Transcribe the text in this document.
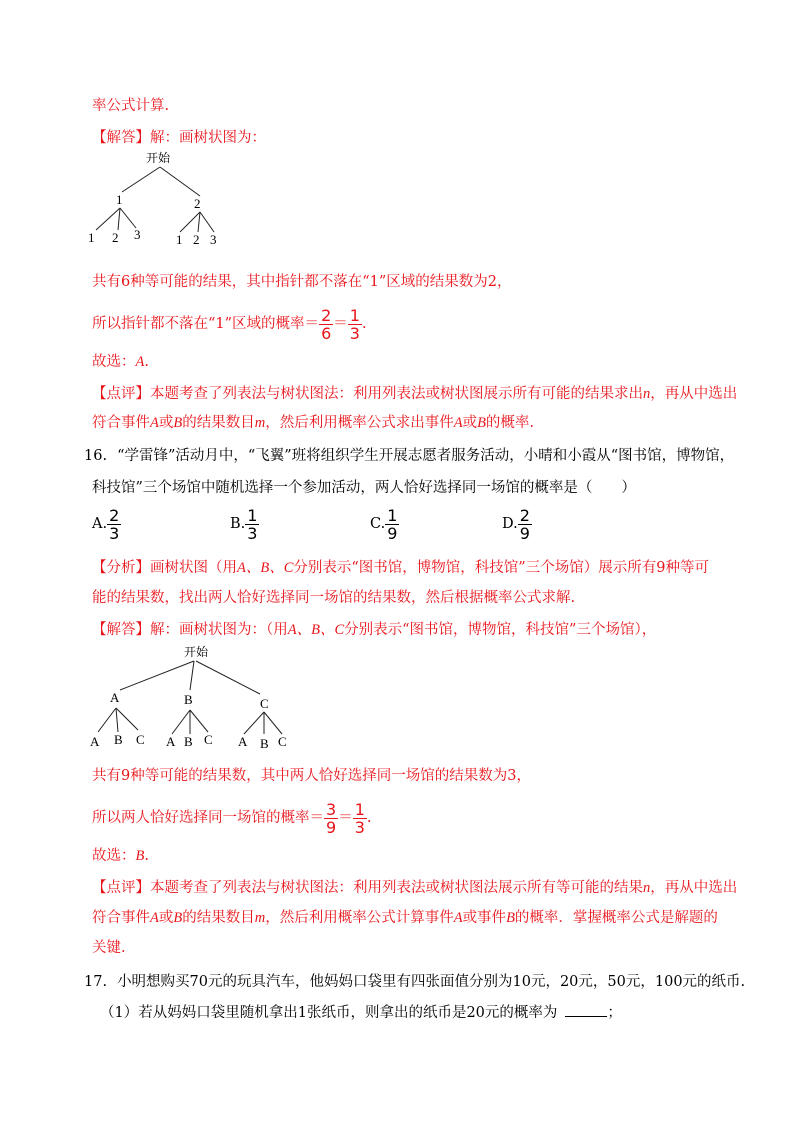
率公式计算.
【解答】解：画树状图为：
开始
1	2
1 2 3	1 2 3
共有6种等可能的结果，其中指针都不落在“1”区域的结果数为2，
所以指针都不落在“1”区域的概率＝ $\frac{2}{6} = \frac{1}{3}$ .
故选：A.
【点评】本题考查了列表法与树状图法：利用列表法或树状图展示所有可能的结果求出n，再从中选出
符合事件A或B的结果数目m，然后利用概率公式求出事件A或B的概率.
16. “学雷锋”活动月中，“飞翼”班将组织学生开展志愿者服务活动，小晴和小霞从“图书馆，博物馆，
科技馆”三个场馆中随机选择一个参加活动，两人恰好选择同一场馆的概率是（　　）
A. $\frac{2}{3}$	B. $\frac{1}{3}$	C. $\frac{1}{9}$	D. $\frac{2}{9}$
【分析】画树状图（用A、B、C分别表示“图书馆，博物馆，科技馆”三个场馆）展示所有9种等可
能的结果数，找出两人恰好选择同一场馆的结果数，然后根据概率公式求解.
【解答】解：画树状图为：（用A、B、C分别表示“图书馆，博物馆，科技馆”三个场馆），
开始
A	B	C
A B C A B C A B C
共有9种等可能的结果数，其中两人恰好选择同一场馆的结果数为3，
所以两人恰好选择同一场馆的概率＝ $\frac{3}{9} = \frac{1}{3}$ .
故选：B.
【点评】本题考查了列表法与树状图法：利用列表法或树状图法展示所有等可能的结果n，再从中选出
符合事件A或B的结果数目m，然后利用概率公式计算事件A或事件B的概率．掌握概率公式是解题的
关键.
17. 小明想购买70元的玩具汽车，他妈妈口袋里有四张面值分别为10元，20元，50元，100元的纸币.
（1）若从妈妈口袋里随机拿出1张纸币，则拿出的纸币是20元的概率为	；
